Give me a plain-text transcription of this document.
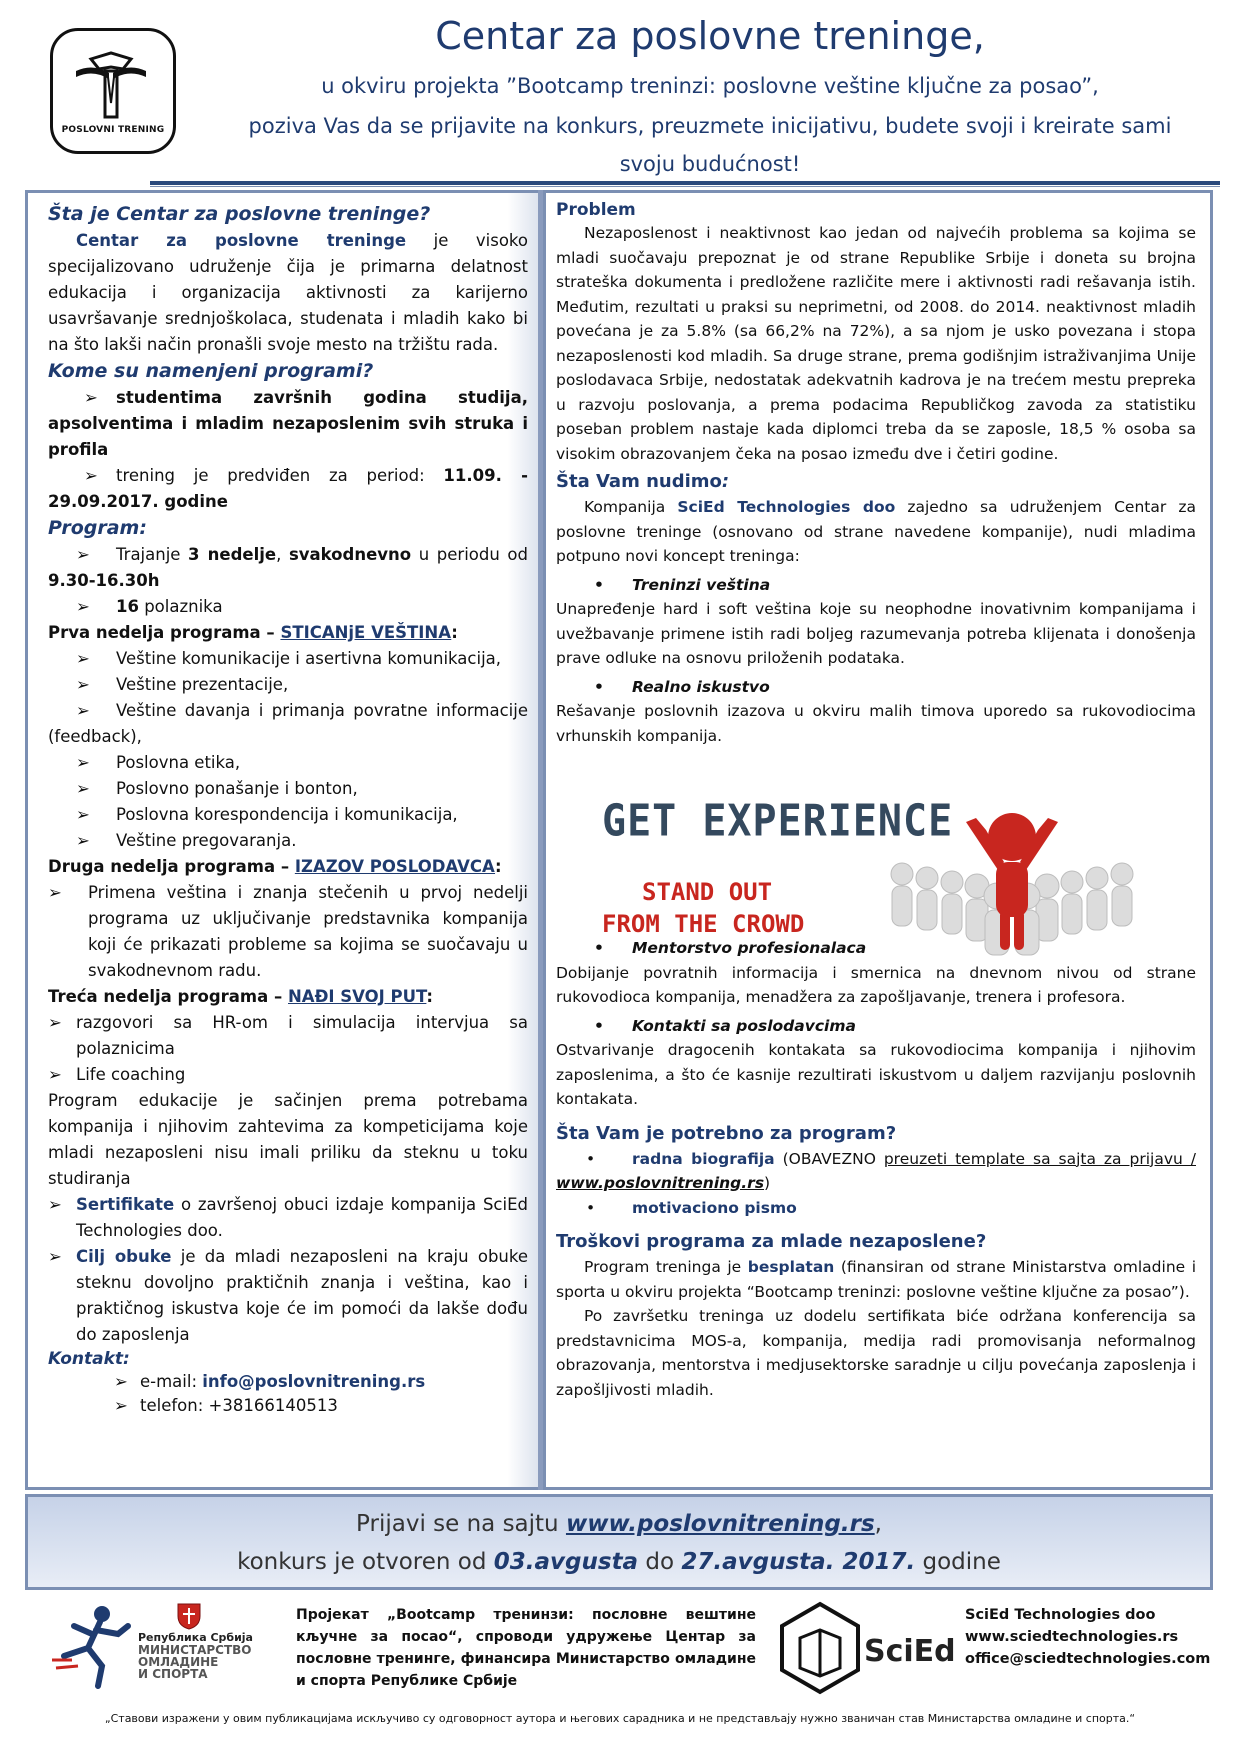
POSLOVNI TRENING
Centar za poslovne treninge,
u okviru projekta ”Bootcamp treninzi: poslovne veštine ključne za posao”,
poziva Vas da se prijavite na konkurs, preuzmete inicijativu, budete svoji i kreirate sami
svoju budućnost!
Šta je Centar za poslovne treninge?
Centar za poslovne treninge je visoko specijalizovano udruženje čija je primarna delatnost edukacija i organizacija aktivnosti za karijerno usavršavanje srednjoškolaca, studenata i mladih kako bi na što lakši način pronašli svoje mesto na tržištu rada.
Kome su namenjeni programi?
➢ studentima završnih godina studija, apsolventima i mladim nezaposlenim svih struka i profila
➢ trening je predviđen za period: 11.09. - 29.09.2017. godine
Program:
➢ Trajanje 3 nedelje, svakodnevno u periodu od 9.30-16.30h
➢ 16 polaznika
Prva nedelja programa – STICANjE VEŠTINA:
➢ Veštine komunikacije i asertivna komunikacija,
➢ Veštine prezentacije,
➢ Veštine davanja i primanja povratne informacije (feedback),
➢ Poslovna etika,
➢ Poslovno ponašanje i bonton,
➢ Poslovna korespondencija i komunikacija,
➢ Veštine pregovaranja.
Druga nedelja programa – IZAZOV POSLODAVCA:
➢ Primena veština i znanja stečenih u prvoj nedelji programa uz uključivanje predstavnika kompanija koji će prikazati probleme sa kojima se suočavaju u svakodnevnom radu.
Treća nedelja programa – NAĐI SVOJ PUT:
➢ razgovori sa HR-om i simulacija intervjua sa polaznicima
➢ Life coaching
Program edukacije je sačinjen prema potrebama kompanija i njihovim zahtevima za kompeticijama koje mladi nezaposleni nisu imali priliku da steknu u toku studiranja
➢ Sertifikate o završenoj obuci izdaje kompanija SciEd Technologies doo.
➢ Cilj obuke je da mladi nezaposleni na kraju obuke steknu dovoljno praktičnih znanja i veština, kao i praktičnog iskustva koje će im pomoći da lakše dođu do zaposlenja
Kontakt:
➢ e-mail: info@poslovnitrening.rs
➢ telefon: +38166140513
Problem
Nezaposlenost i neaktivnost kao jedan od najvećih problema sa kojima se mladi suočavaju prepoznat je od strane Republike Srbije i doneta su brojna strateška dokumenta i predložene različite mere i aktivnosti radi rešavanja istih. Međutim, rezultati u praksi su neprimetni, od 2008. do 2014. neaktivnost mladih povećana je za 5.8% (sa 66,2% na 72%), a sa njom je usko povezana i stopa nezaposlenosti kod mladih. Sa druge strane, prema godišnjim istraživanjima Unije poslodavaca Srbije, nedostatak adekvatnih kadrova je na trećem mestu prepreka u razvoju poslovanja, a prema podacima Republičkog zavoda za statistiku poseban problem nastaje kada diplomci treba da se zaposle, 18,5 % osoba sa visokim obrazovanjem čeka na posao između dve i četiri godine.
Šta Vam nudimo:
Kompanija SciEd Technologies doo zajedno sa udruženjem Centar za poslovne treninge (osnovano od strane navedene kompanije), nudi mladima potpuno novi koncept treninga:
• Treninzi veština
Unapređenje hard i soft veština koje su neophodne inovativnim kompanijama i uvežbavanje primene istih radi boljeg razumevanja potreba klijenata i donošenja prave odluke na osnovu priloženih podataka.
• Realno iskustvo
Rešavanje poslovnih izazova u okviru malih timova uporedo sa rukovodiocima vrhunskih kompanija.
• Mentorstvo profesionalaca
Dobijanje povratnih informacija i smernica na dnevnom nivou od strane rukovodioca kompanija, menadžera za zapošljavanje, trenera i profesora.
• Kontakti sa poslodavcima
Ostvarivanje dragocenih kontakata sa rukovodiocima kompanija i njihovim zaposlenima, a što će kasnije rezultirati iskustvom u daljem razvijanju poslovnih kontakata.
Šta Vam je potrebno za program?
• radna biografija (OBAVEZNO preuzeti template sa sajta za prijavu / www.poslovnitrening.rs)
• motivaciono pismo
Troškovi programa za mlade nezaposlene?
Program treninga je besplatan (finansiran od strane Ministarstva omladine i sporta u okviru projekta “Bootcamp treninzi: poslovne veštine ključne za posao”).
Po završetku treninga uz dodelu sertifikata biće održana konferencija sa predstavnicima MOS-a, kompanija, medija radi promovisanja neformalnog obrazovanja, mentorstva i medjusektorske saradnje u cilju povećanja zaposlenja i zapošljivosti mladih.
GET EXPERIENCE
STAND OUT
FROM THE CROWD
Prijavi se na sajtu www.poslovnitrening.rs,
konkurs je otvoren od 03.avgusta do 27.avgusta. 2017. godine
Република Србија
МИНИСТАРСТВО
ОМЛАДИНЕ
И СПОРТА
Пројекат „Bootcamp тренинзи: пословне вештине кључне за посао“, спроводи удружење Центар за пословне тренинге, финансира Министарство омладине и спорта Републике Србије
SciEd
SciEd Technologies doo
www.sciedtechnologies.rs
office@sciedtechnologies.com
„Ставови изражени у овим публикацијама искључиво су одговорност аутора и његових сарадника и не представљају нужно званичан став Министарства омладине и спорта.“
